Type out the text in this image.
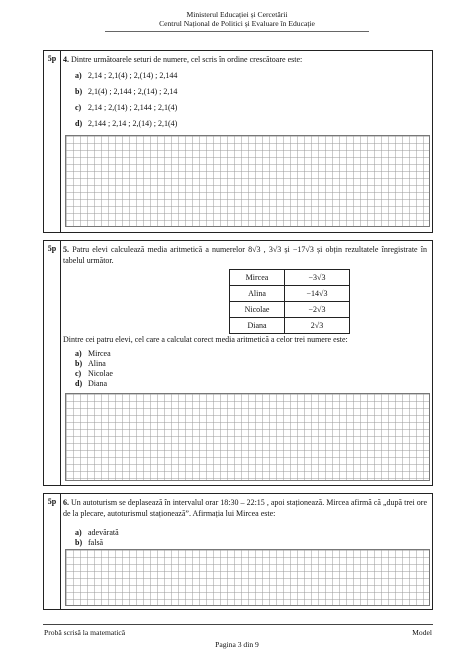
Ministerul Educației și Cercetării
Centrul Național de Politici și Evaluare în Educație
5p 4. Dintre următoarele seturi de numere, cel scris în ordine crescătoare este:
a) 2,14 ; 2,1(4) ; 2,(14) ; 2,144
b) 2,1(4) ; 2,144 ; 2,(14) ; 2,14
c) 2,14 ; 2,(14) ; 2,144 ; 2,1(4)
d) 2,144 ; 2,14 ; 2,(14) ; 2,1(4)
5p 5. Patru elevi calculează media aritmetică a numerelor 8√3 , 3√3 și −17√3 și obțin rezultatele înregistrate în tabelul următor.
Mircea	−3√3
Alina	−14√3
Nicolae	−2√3
Diana	2√3
Dintre cei patru elevi, cel care a calculat corect media aritmetică a celor trei numere este:
a) Mircea
b) Alina
c) Nicolae
d) Diana
5p 6. Un autoturism se deplasează în intervalul orar 18:30 – 22:15 , apoi staționează. Mircea afirmă că „după trei ore de la plecare, autoturismul staționează”. Afirmația lui Mircea este:
a) adevărată
b) falsă
Probă scrisă la matematică	Model
Pagina 3 din 9
